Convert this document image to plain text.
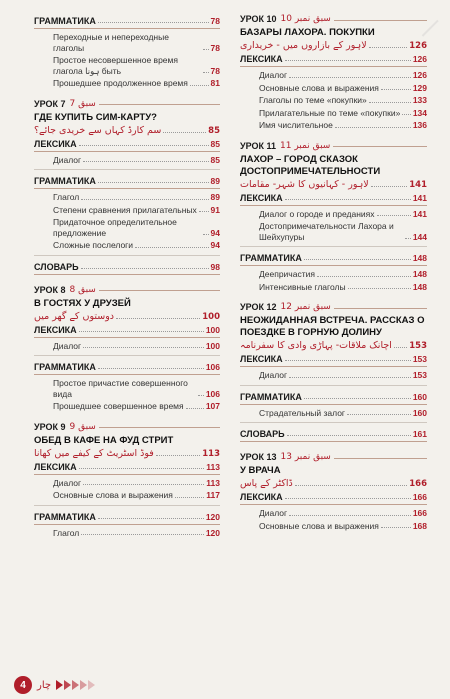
ГРАММАТИКА	78
Переходные и непереходные глаголы	78
Простое несовершенное время глагола ہونا быть	78
Прошедшее продолженное время	81
УРОК 7 سبق 7
ГДЕ КУПИТЬ СИМ-КАРТУ?
سم کارڈ کہاں سے خریدی جائے؟	85
ЛЕКСИКА	85
Диалог	85
ГРАММАТИКА	89
Глагол	89
Степени сравнения прилагательных 91
Придаточное определительное предложение	94
Сложные послелоги	94
СЛОВАРЬ	98
УРОК 8 سبق 8
В ГОСТЯХ У ДРУЗЕЙ
دوستوں کے گھر میں	100
ЛЕКСИКА	100
Диалог	100
ГРАММАТИКА	106
Простое причастие совершенного вида	106
Прошедшее совершенное время	107
УРОК 9 سبق 9
ОБЕД В КАФЕ НА ФУД СТРИТ
فوڈ اسٹریٹ کے کیفے میں کھانا	113
ЛЕКСИКА	113
Диалог	113
Основные слова и выражения	117
ГРАММАТИКА	120
Глагол	120
УРОК 10 سبق نمبر 10
БАЗАРЫ ЛАХОРА. ПОКУПКИ
لاہور کے بازاروں میں - خریداری	126
ЛЕКСИКА	126
Диалог	126
Основные слова и выражения	129
Глаголы по теме «покупки»	133
Прилагательные по теме «покупки» 134
Имя числительное	136
УРОК 11 سبق نمبر 11
ЛАХОР – ГОРОД СКАЗОК ДОСТОПРИМЕЧАТЕЛЬНОСТИ
لاہور - کہانیوں کا شہر- مقامات	141
ЛЕКСИКА	141
Диалог о городе и преданиях	141
Достопримечательности Лахора и Шейхупуры	144
ГРАММАТИКА	148
Деепричастия	148
Интенсивные глаголы	148
УРОК 12 سبق نمبر 12
НЕОЖИДАННАЯ ВСТРЕЧА. РАССКАЗ О ПОЕЗДКЕ В ГОРНУЮ ДОЛИНУ
اچانک ملاقات- پہاڑی وادی کا سفرنامہ 153
ЛЕКСИКА	153
Диалог	153
ГРАММАТИКА	160
Страдательный залог	160
СЛОВАРЬ	161
УРОК 13 سبق نمبر 13
У ВРАЧА
ڈاکٹر کے پاس	166
ЛЕКСИКА	166
Диалог	166
Основные слова и выражения	168
4	چار
